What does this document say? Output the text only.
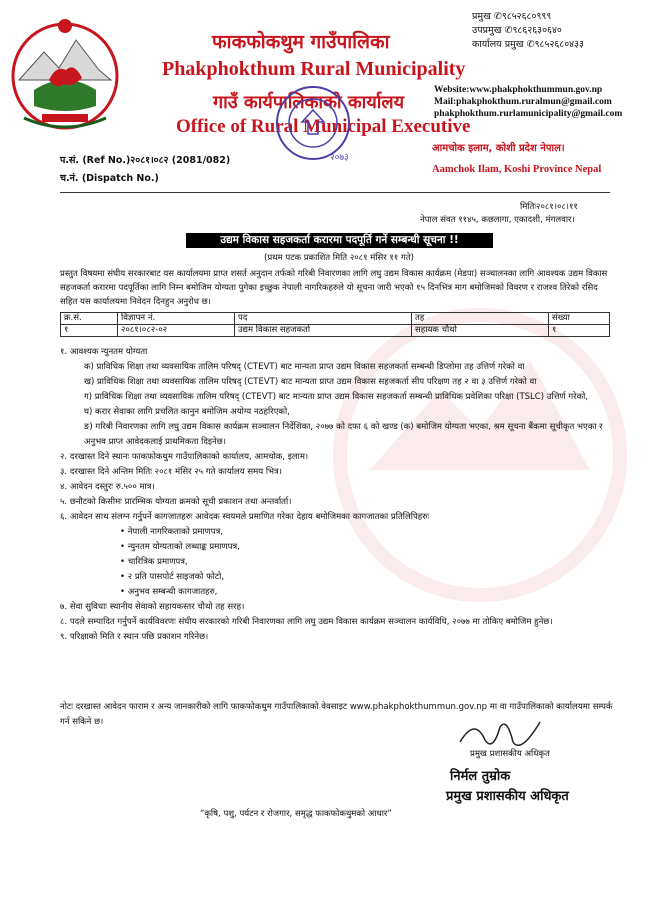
फाकफोकथुम गाउँपालिका
Phakphokthum Rural Municipality
गाउँ कार्यपालिकाको कार्यालय
Office of Rural Municipal Executive
२०७३
प्रमुख ✆९८५२६८०९९९
उपप्रमुख ✆९८६२६३०६४०
कार्यालय प्रमुख ✆९८५२६८०४३३
Website:www.phakphokthummun.gov.np
Mail:phakphokthum.ruralmun@gmail.com
phakphokthum.rurlamunicipality@gmail.com
आमचोक इलाम, कोशी प्रदेश नेपाल।
Aamchok Ilam, Koshi Province Nepal
प.सं. (Ref No.)२०८१।०८२ (2081/082)
च.नं. (Dispatch No.)
मितिः२०८१।०८।११
नेपाल संवत ११४५, कछलागा, एकादशी, मंगलवार।
उद्यम विकास सहजकर्ता करारमा पदपूर्ति गर्ने सम्बन्धी सूचना !!
(प्रथम पटक प्रकाशित मिति २०८१ मंसिर ११ गते)
प्रस्तुत विषयमा संघीय सरकारबाट यस कार्यालयमा प्राप्त शसर्त अनुदान तर्फको गरिबी निवारणका लागि लघु उद्यम विकास कार्यक्रम (मेडपा) सञ्चालनका लागि आवश्यक उद्यम विकास सहजकर्ता करारमा पदपूर्तिका लागि निम्न बमोजिम योग्यता पुगेका इच्छुक नेपाली नागरिकहरुले यो सूचना जारी भएको १५ दिनभित्र माग बमोजिमको विवरण र राजश्व तिरेको रसिद सहित यस कार्यालयमा निवेदन दिनहुन अनुरोध छ।
क्र.सं.	विज्ञापन नं.	पद	तह	संख्या
१	२०८१।०८२-०२	उद्यम विकास सहजकर्ता	सहायक चौथो	१
१. आवश्यक न्युनतम योग्यता
क) प्राविधिक शिक्षा तथा व्यवसायिक तालिम परिषद् (CTEVT) बाट मान्यता प्राप्त उद्यम विकास सहजकर्ता सम्बन्धी डिप्लोमा तह उत्तिर्ण गरेको वा
ख) प्राविधिक शिक्षा तथा व्यवसायिक तालिम परिषद् (CTEVT) बाट मान्यता प्राप्त उद्यम विकास सहजकर्ता सीप परिक्षण तह २ वा ३ उत्तिर्ण गरेको वा
ग) प्राविधिक शिक्षा तथा व्यवसायिक तालिम परिषद् (CTEVT) बाट मान्यता प्राप्त उद्यम विकास सहजकर्ता सम्बन्धी प्राविधिक प्रवेशिका परिक्षा (TSLC) उत्तिर्ण गरेको,
घ) करार सेवाका लागि प्रचलित कानुन बमोजिम अयोग्य नठहरिएको,
ङ) गरिबी निवारणका लागि लघु उद्यम विकास कार्यक्रम सञ्चालन निर्देशिका, २०७७ को दफा ६ को खण्ड (क) बमोजिम योग्यता भएका, श्रम सूचना बैंकमा सूचीकृत भएका र अनुभव प्राप्त आवेदकलाई प्राथमिकता दिइनेछ।
२. दरखास्त दिने स्थानः फाकफोकथुम गाउँपालिकाको कार्यालय, आमचोक, इलाम।
३. दरखास्त दिने अन्तिम मितिः २०८१ मंसिर २५ गते कार्यालय समय भित्र।
४. आवेदन दस्तुरः रु.५०० मात्र।
५. छनौटको किसीमः प्रारम्भिक योग्यता क्रमको सूची प्रकाशन तथा अन्तर्वार्ता।
६. आवेदन साथ संलग्न गर्नुपर्ने कागजातहरुः आवेदक स्वयमले प्रमाणित गरेका देहाय बमोजिमका कागजातका प्रतिलिपिहरुः
• नेपाली नागरिकताको प्रमाणपत्र,
• न्युनतम योग्यताको लब्धाङ्क प्रमाणपत्र,
• चारित्रिक प्रमाणपत्र,
• २ प्रति पासपोर्ट साइजको फोटो,
• अनुभव सम्बन्धी कागजातहरु,
७. सेवा सुविधाः स्थानीय सेवाको सहायकस्तर चौथो तह सरह।
८. पदले सम्पादित गर्नुपर्ने कार्यविवरणः संघीय सरकारको गरिबी निवारणका लागि लघु उद्यम विकास कार्यक्रम सञ्चालन कार्यविधि, २०७७ मा तोकिए बमोजिम हुनेछ।
९. परिक्षाको मिति र स्थान पछि प्रकाशन गरिनेछ।
नोटः दरखास्त आवेदन फाराम र अन्य जानकारीको लागि फाकफोकथुम गाउँपालिकाको वेवसाइट www.phakphokthummun.gov.np मा वा गाउँपालिकाको कार्यालयमा सम्पर्क गर्न सकिने छ।
प्रमुख प्रशासकीय अधिकृत
निर्मल तुम्रोक
प्रमुख प्रशासकीय अधिकृत
“कृषि, पशु, पर्यटन र रोजगार, समृद्ध फाकफोकथुमको आधार”
